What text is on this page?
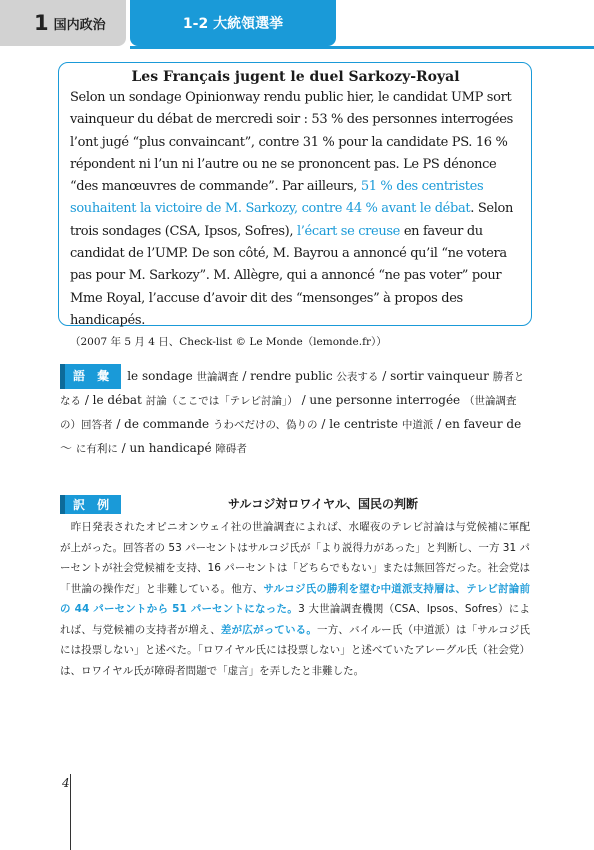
1 国内政治	1-2 大統領選挙
Les Français jugent le duel Sarkozy-Royal
Selon un sondage Opinionway rendu public hier, le candidat UMP sort vainqueur du débat de mercredi soir : 53 % des personnes interrogées l’ont jugé “plus convaincant”, contre 31 % pour la candidate PS. 16 % répondent ni l’un ni l’autre ou ne se prononcent pas. Le PS dénonce “des manœuvres de commande”. Par ailleurs, 51 % des centristes souhaitent la victoire de M. Sarkozy, contre 44 % avant le débat. Selon trois sondages (CSA, Ipsos, Sofres), l’écart se creuse en faveur du candidat de l’UMP. De son côté, M. Bayrou a annoncé qu’il “ne votera pas pour M. Sarkozy”. M. Allègre, qui a annoncé “ne pas voter” pour Mme Royal, l’accuse d’avoir dit des “mensonges” à propos des handicapés.
（2007 年 5 月 4 日、Check-list © Le Monde（lemonde.fr））
語 彙 le sondage 世論調査 / rendre public 公表する / sortir vainqueur 勝者となる / le débat 討論（ここでは「テレビ討論」） / une personne interrogée （世論調査の）回答者 / de commande うわべだけの、偽りの / le centriste 中道派 / en faveur de ～ に有利に / un handicapé 障碍者
訳 例	サルコジ対ロワイヤル、国民の判断
　昨日発表されたオピニオンウェイ社の世論調査によれば、水曜夜のテレビ討論は与党候補に軍配が上がった。回答者の 53 パーセントはサルコジ氏が「より説得力があった」と判断し、一方 31 パーセントが社会党候補を支持、16 パーセントは「どちらでもない」または無回答だった。社会党は「世論の操作だ」と非難している。他方、サルコジ氏の勝利を望む中道派支持層は、テレビ討論前の 44 パーセントから 51 パーセントになった。3 大世論調査機関（CSA、Ipsos、Sofres）によれば、与党候補の支持者が増え、差が広がっている。一方、バイルー氏（中道派）は「サルコジ氏には投票しない」と述べた。「ロワイヤル氏には投票しない」と述べていたアレーグル氏（社会党）は、ロワイヤル氏が障碍者問題で「虚言」を弄したと非難した。
4
